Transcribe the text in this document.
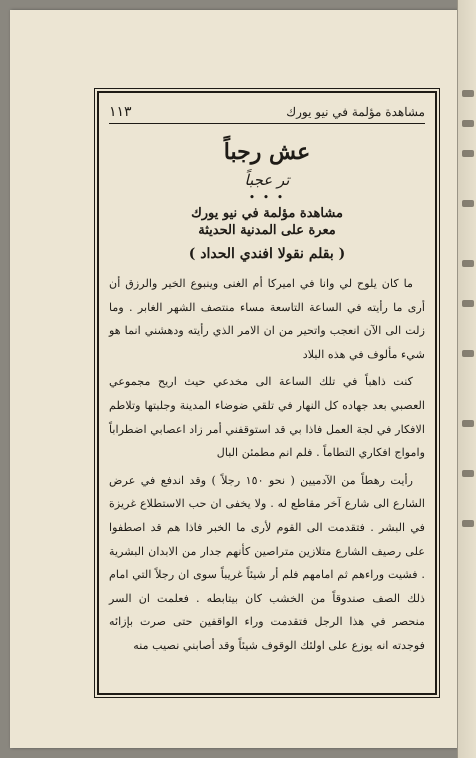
مشاهدة مؤلمة في نيو يورك
١١٣
عش رجباً
تر عجباً
• • •
مشاهدة مؤلمة في نيو يورك
معرة على المدنية الحديثة
( بقلم نقولا افندي الحداد )

ما كان يلوح لي وانا في اميركا أم الغنى وينبوع الخير والرزق أن أرى ما رأيته في الساعة التاسعة مساء منتصف الشهر الغابر . وما زلت الى الآن انعجب واتحير من ان الامر الذي رأيته ودهشني انما هو شيء مألوف في هذه البلاد

كنت ذاهباً في تلك الساعة الى مخدعي حيث اريح مجموعي العصبي بعد جهاده كل النهار في تلقي ضوضاء المدينة وجلبتها وتلاطم الافكار في لجة العمل فاذا بي قد استوقفني أمر زاد اعصابي اضطراباً وامواج افكاري التطاماً . فلم انم مطمئن البال

رأيت رهطاً من الآدميين ( نحو ١٥٠ رجلاً ) وقد اندفع في عرض الشارع الى شارع آخر مقاطع له . ولا يخفى ان حب الاستطلاع غريزة في البشر . فتقدمت الى القوم لأرى ما الخبر فاذا هم قد اصطفوا على رصيف الشارع متلازين متراصين كأنهم جدار من الابدان البشرية . فشيت وراءهم ثم امامهم فلم أر شيئاً غريباً سوى ان رجلاً التي امام ذلك الصف صندوقاً من الخشب كان بيتابطه . فعلمت ان السر منحصر في هذا الرجل فتقدمت وراء الواقفين حتى صرت بإزائه فوجدته انه يوزع على اولئك الوقوف شيئاً وقد أصابني نصيب منه
